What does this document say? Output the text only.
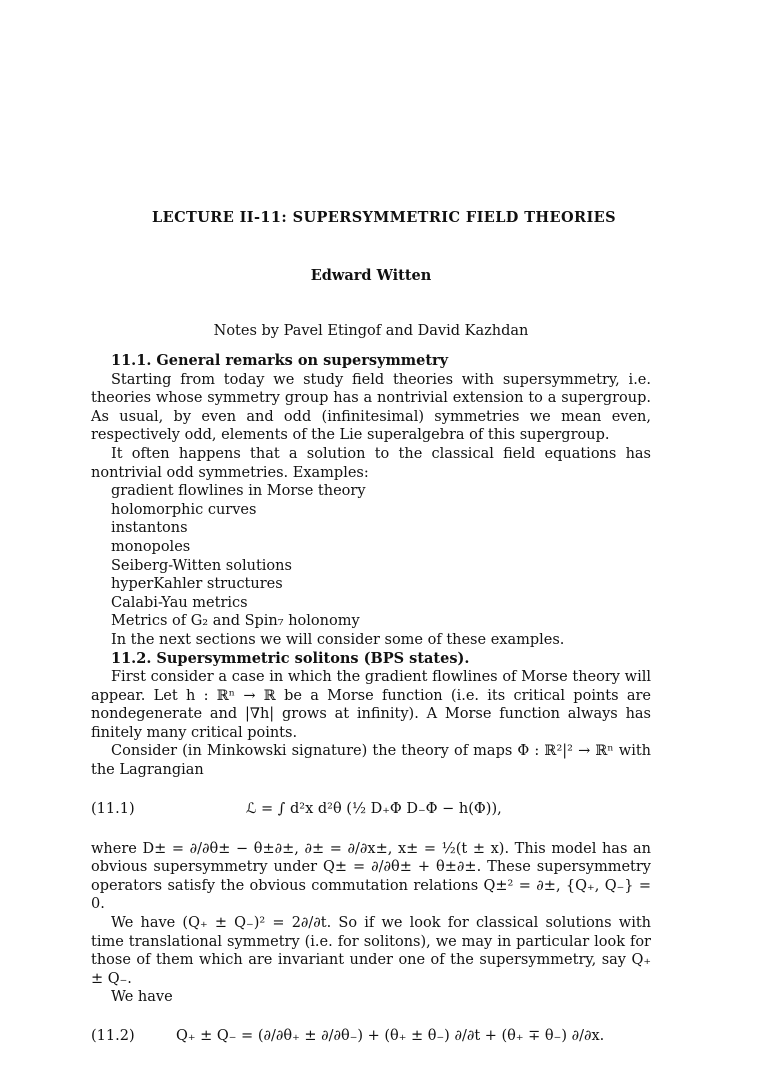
LECTURE II-11: SUPERSYMMETRIC FIELD THEORIES
Edward Witten
Notes by Pavel Etingof and David Kazhdan

11.1. General remarks on supersymmetry

Starting from today we study field theories with supersymmetry, i.e. theories whose symmetry group has a nontrivial extension to a supergroup. As usual, by even and odd (infinitesimal) symmetries we mean even, respectively odd, elements of the Lie superalgebra of this supergroup.

It often happens that a solution to the classical field equations has nontrivial odd symmetries. Examples:

gradient flowlines in Morse theory
holomorphic curves
instantons
monopoles
Seiberg-Witten solutions
hyperKahler structures
Calabi-Yau metrics
Metrics of G₂ and Spin₇ holonomy

In the next sections we will consider some of these examples.

11.2. Supersymmetric solitons (BPS states).

First consider a case in which the gradient flowlines of Morse theory will appear. Let h : ℝⁿ → ℝ be a Morse function (i.e. its critical points are nondegenerate and |∇h| grows at infinity). A Morse function always has finitely many critical points.

Consider (in Minkowski signature) the theory of maps Φ : ℝ²|² → ℝⁿ with the Lagrangian

(11.1)	ℒ = ∫ d²x d²θ (½ D₊Φ D₋Φ − h(Φ)),

where D± = ∂/∂θ± − θ±∂±, ∂± = ∂/∂x±, x± = ½(t ± x). This model has an obvious supersymmetry under Q± = ∂/∂θ± + θ±∂±. These supersymmetry operators satisfy the obvious commutation relations Q±² = ∂±, {Q₊, Q₋} = 0.

We have (Q₊ ± Q₋)² = 2∂/∂t. So if we look for classical solutions with time translational symmetry (i.e. for solitons), we may in particular look for those of them which are invariant under one of the supersymmetry, say Q₊ ± Q₋.

We have

(11.2)	Q₊ ± Q₋ = (∂/∂θ₊ ± ∂/∂θ₋) + (θ₊ ± θ₋) ∂/∂t + (θ₊ ∓ θ₋) ∂/∂x.
